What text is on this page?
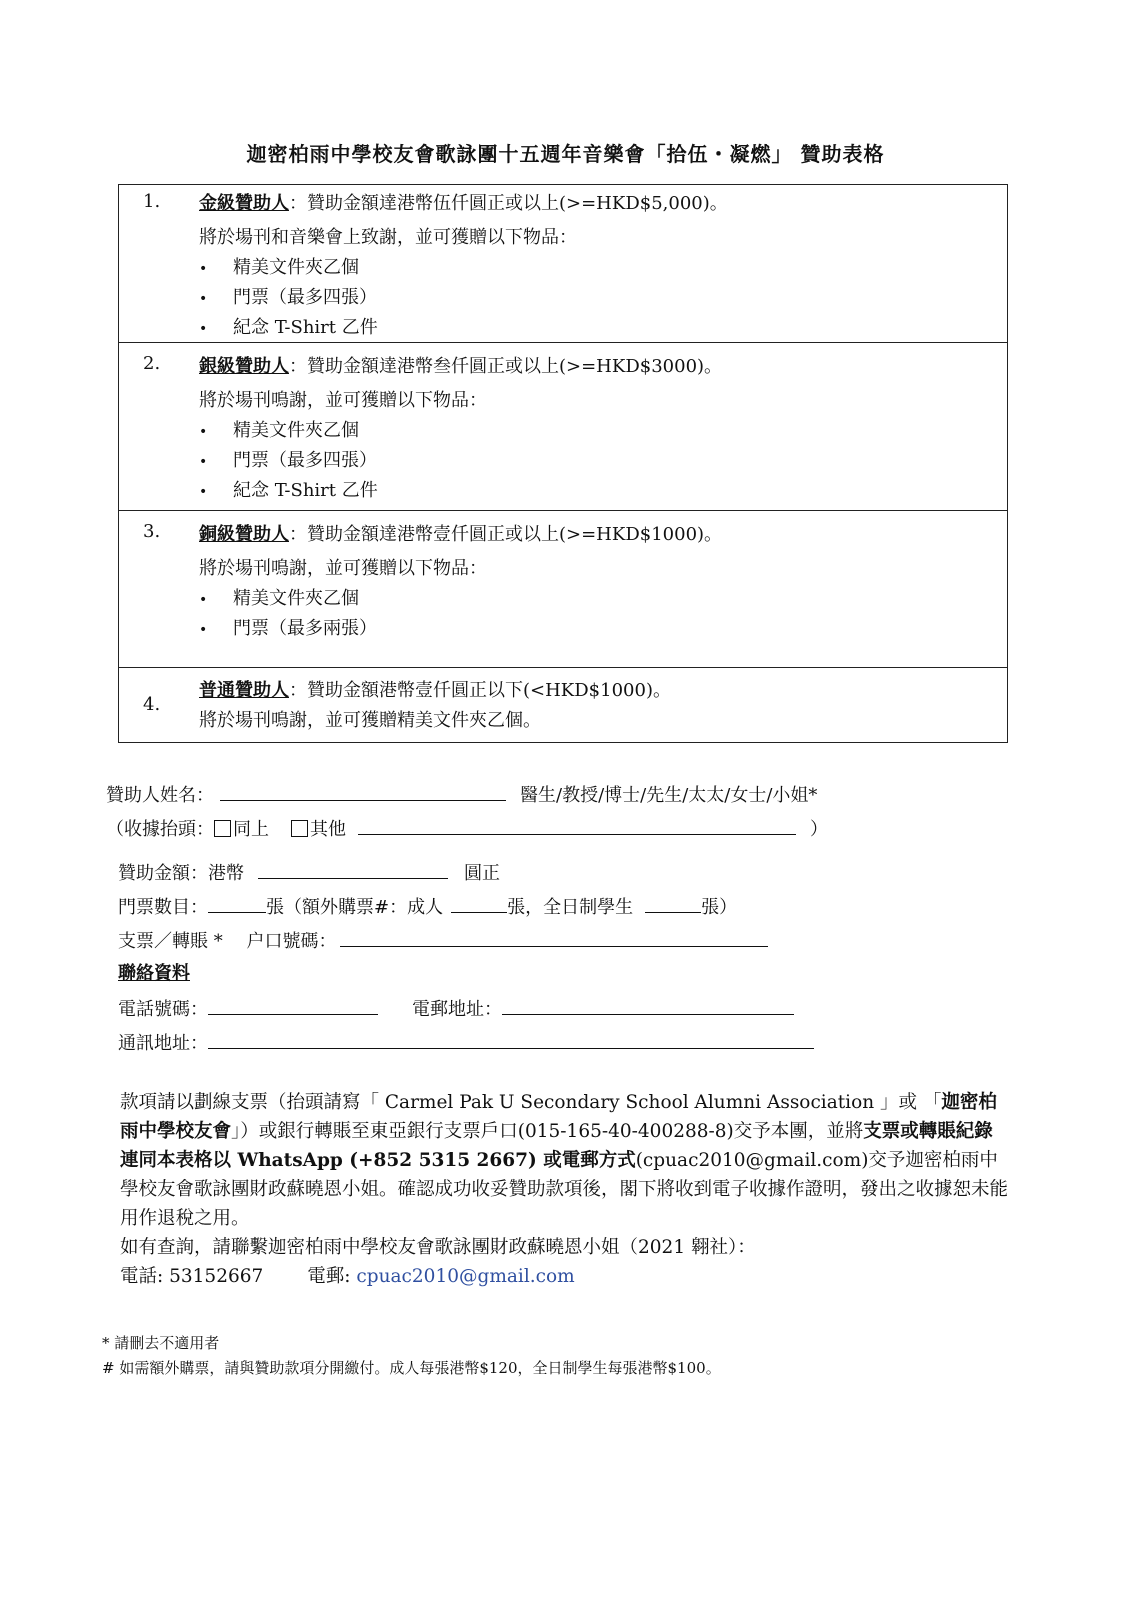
迦密柏雨中學校友會歌詠團十五週年音樂會「拾伍・凝燃」 贊助表格
1. 金級贊助人：贊助金額達港幣伍仟圓正或以上(>=HKD$5,000)。
將於場刊和音樂會上致謝，並可獲贈以下物品：
• 精美文件夾乙個
• 門票（最多四張）
• 紀念 T-Shirt 乙件
2. 銀級贊助人：贊助金額達港幣叁仟圓正或以上(>=HKD$3000)。
將於場刊鳴謝，並可獲贈以下物品：
• 精美文件夾乙個
• 門票（最多四張）
• 紀念 T-Shirt 乙件
3. 銅級贊助人：贊助金額達港幣壹仟圓正或以上(>=HKD$1000)。
將於場刊鳴謝，並可獲贈以下物品：
• 精美文件夾乙個
• 門票（最多兩張）
4.
普通贊助人：贊助金額港幣壹仟圓正以下(<HKD$1000)。
將於場刊鳴謝，並可獲贈精美文件夾乙個。
贊助人姓名：	醫生/教授/博士/先生/太太/女士/小姐*
（收據抬頭： 同上 其他	）
贊助金額：港幣	圓正
門票數目：	張（額外購票#：成人	張，全日制學生	張）
支票／轉賬 *　 户口號碼：
聯絡資料
電話號碼：	電郵地址：
通訊地址：
款項請以劃線支票（抬頭請寫「 Carmel Pak U Secondary School Alumni Association 」或 「迦密柏雨中學校友會」）或銀行轉賬至東亞銀行支票戶口(015-165-40-400288-8)交予本團，並將支票或轉賬紀錄連同本表格以 WhatsApp (+852 5315 2667) 或電郵方式(cpuac2010@gmail.com)交予迦密柏雨中學校友會歌詠團財政蘇曉恩小姐。確認成功收妥贊助款項後，閣下將收到電子收據作證明，發出之收據恕未能用作退稅之用。
如有查詢，請聯繫迦密柏雨中學校友會歌詠團財政蘇曉恩小姐（2021 翱社）：
電話: 53152667 電郵: cpuac2010@gmail.com
* 請刪去不適用者
# 如需額外購票，請與贊助款項分開繳付。成人每張港幣$120，全日制學生每張港幣$100。
